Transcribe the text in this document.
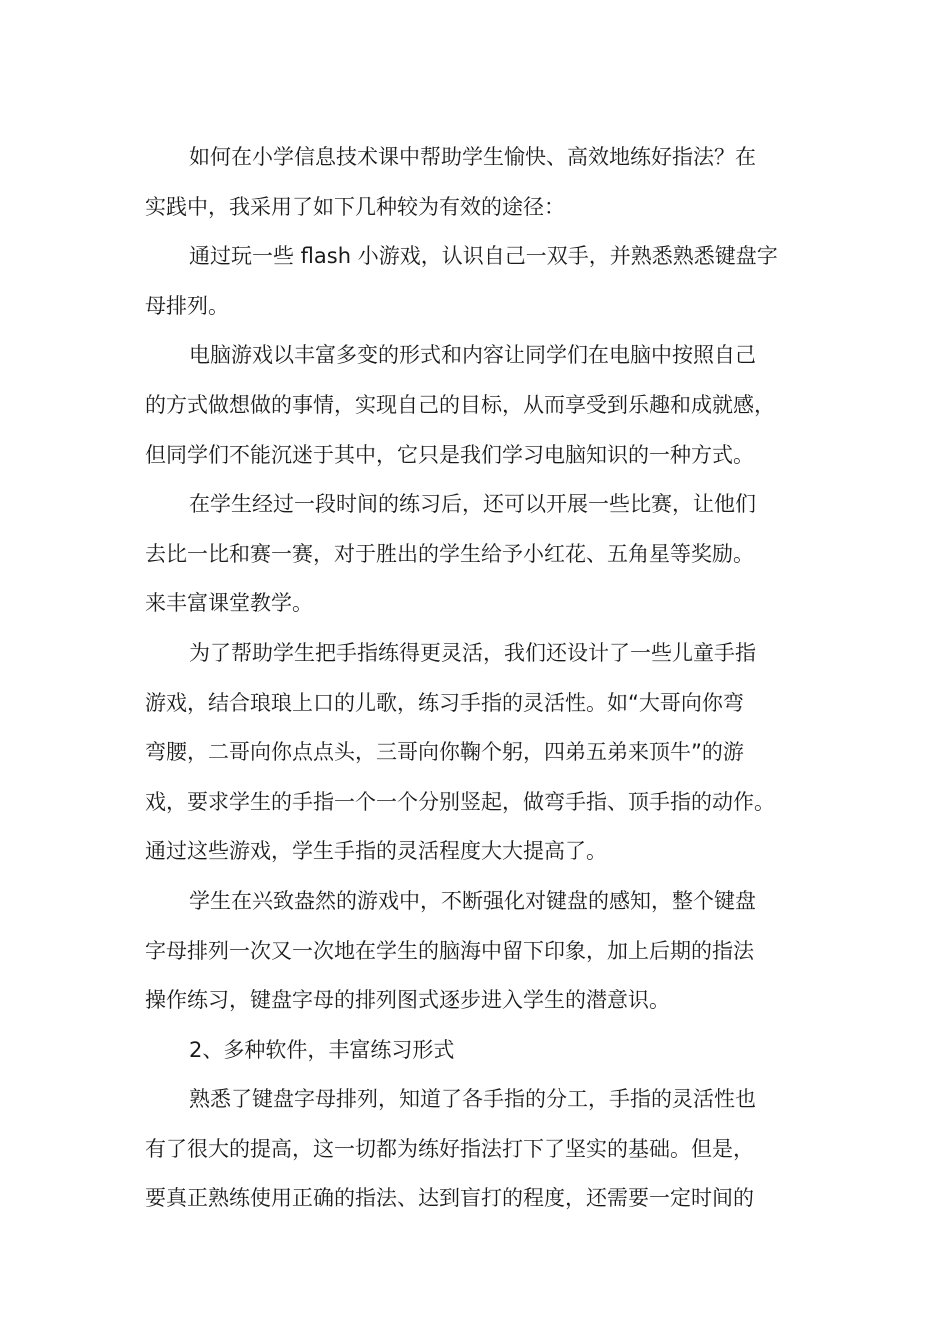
如何在小学信息技术课中帮助学生愉快、高效地练好指法？在
实践中，我采用了如下几种较为有效的途径：

通过玩一些 flash 小游戏，认识自己一双手，并熟悉熟悉键盘字
母排列。

电脑游戏以丰富多变的形式和内容让同学们在电脑中按照自己
的方式做想做的事情，实现自己的目标，从而享受到乐趣和成就感，
但同学们不能沉迷于其中，它只是我们学习电脑知识的一种方式。

在学生经过一段时间的练习后，还可以开展一些比赛，让他们
去比一比和赛一赛，对于胜出的学生给予小红花、五角星等奖励。
来丰富课堂教学。

为了帮助学生把手指练得更灵活，我们还设计了一些儿童手指
游戏，结合琅琅上口的儿歌，练习手指的灵活性。如“大哥向你弯
弯腰，二哥向你点点头，三哥向你鞠个躬，四弟五弟来顶牛”的游
戏，要求学生的手指一个一个分别竖起，做弯手指、顶手指的动作。
通过这些游戏，学生手指的灵活程度大大提高了。

学生在兴致盎然的游戏中，不断强化对键盘的感知，整个键盘
字母排列一次又一次地在学生的脑海中留下印象，加上后期的指法
操作练习，键盘字母的排列图式逐步进入学生的潜意识。

2、多种软件，丰富练习形式

熟悉了键盘字母排列，知道了各手指的分工，手指的灵活性也
有了很大的提高，这一切都为练好指法打下了坚实的基础。但是，
要真正熟练使用正确的指法、达到盲打的程度，还需要一定时间的
